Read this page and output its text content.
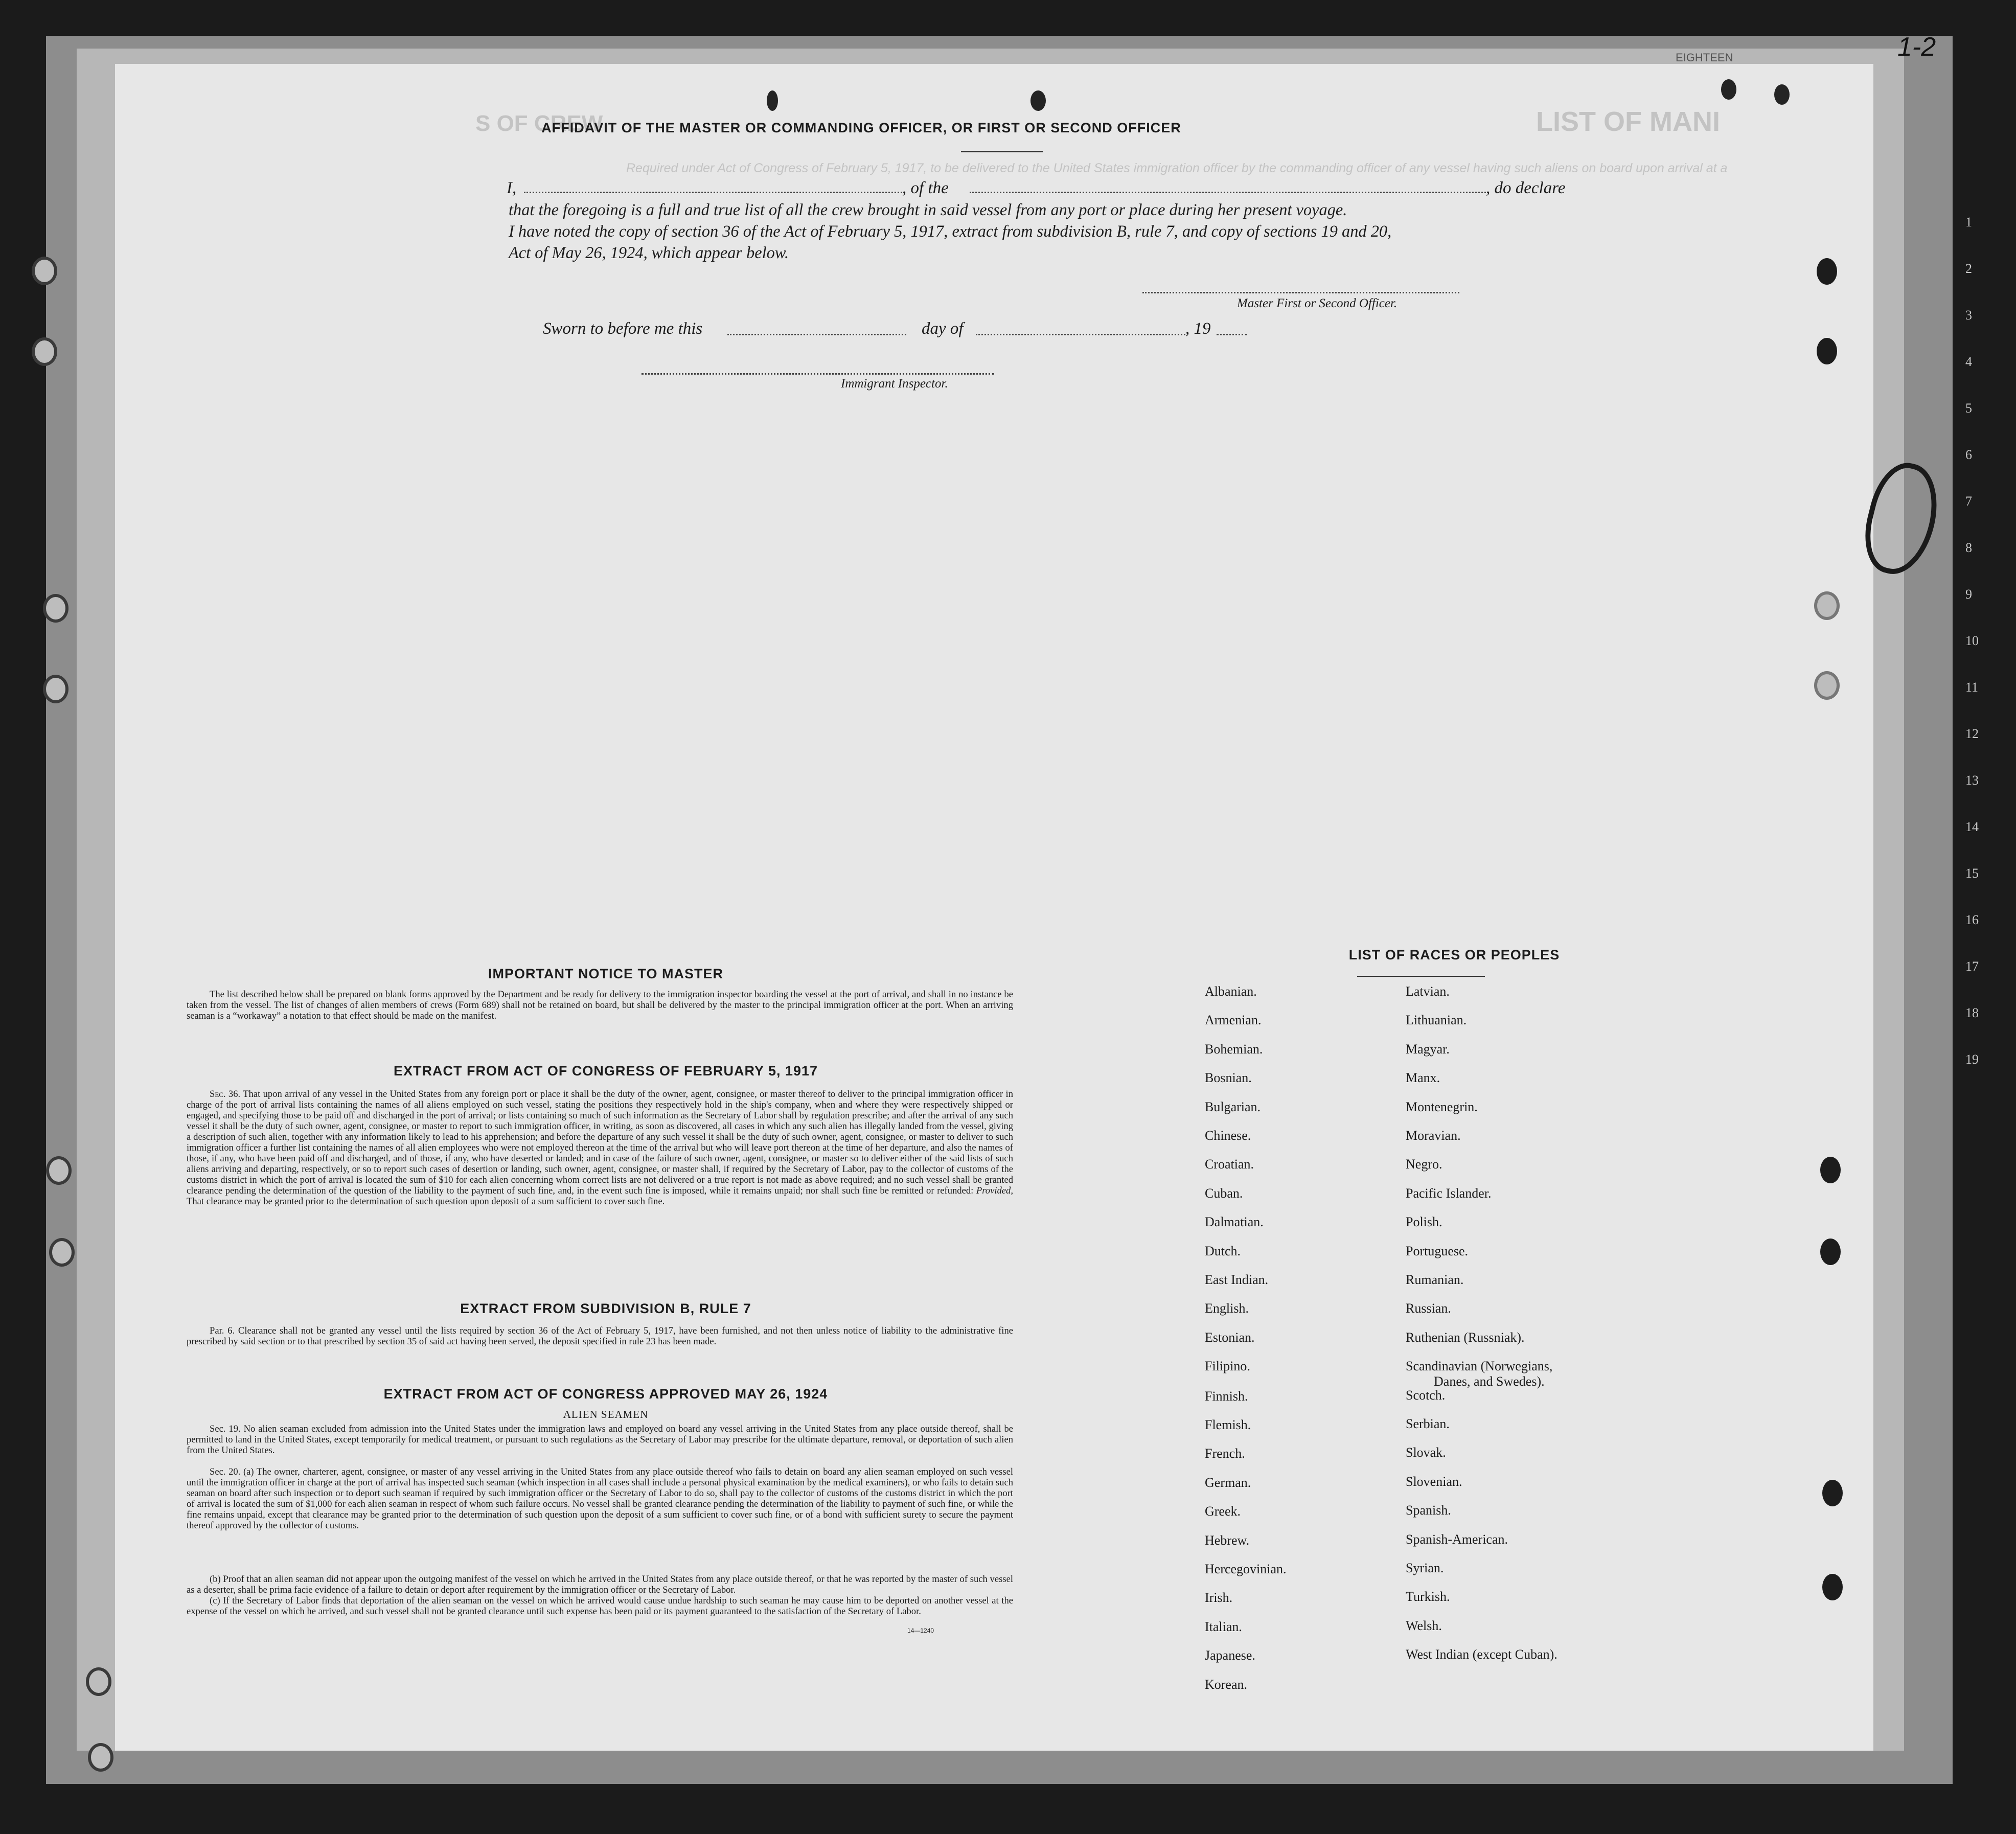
1-2
EIGHTEEN
LIST OF MANI
S OF CREW
Required under Act of Congress of February 5, 1917, to be delivered to the United States immigration officer by the commanding officer of any vessel having such aliens on board upon arrival at a
AFFIDAVIT OF THE MASTER OR COMMANDING OFFICER, OR FIRST OR SECOND OFFICER
I,	, of the	, do declare
that the foregoing is a full and true list of all the crew brought in said vessel from any port or place during her present voyage.
I have noted the copy of section 36 of the Act of February 5, 1917, extract from subdivision B, rule 7, and copy of sections 19 and 20,
Act of May 26, 1924, which appear below.
Master First or Second Officer.
Sworn to before me this	day of	, 19
Immigrant Inspector.
IMPORTANT NOTICE TO MASTER
The list described below shall be prepared on blank forms approved by the Department and be ready for delivery to the immigration inspector boarding the vessel at the port of arrival, and shall in no instance be taken from the vessel. The list of changes of alien members of crews (Form 689) shall not be retained on board, but shall be delivered by the master to the principal immigration officer at the port. When an arriving seaman is a “workaway” a notation to that effect should be made on the manifest.
EXTRACT FROM ACT OF CONGRESS OF FEBRUARY 5, 1917
Sec. 36. That upon arrival of any vessel in the United States from any foreign port or place it shall be the duty of the owner, agent, consignee, or master thereof to deliver to the principal immigration officer in charge of the port of arrival lists containing the names of all aliens employed on such vessel, stating the positions they respectively hold in the ship's company, when and where they were respectively shipped or engaged, and specifying those to be paid off and discharged in the port of arrival; or lists containing so much of such information as the Secretary of Labor shall by regulation prescribe; and after the arrival of any such vessel it shall be the duty of such owner, agent, consignee, or master to report to such immigration officer, in writing, as soon as discovered, all cases in which any such alien has illegally landed from the vessel, giving a description of such alien, together with any information likely to lead to his apprehension; and before the departure of any such vessel it shall be the duty of such owner, agent, consignee, or master to deliver to such immigration officer a further list containing the names of all alien employees who were not employed thereon at the time of the arrival but who will leave port thereon at the time of her departure, and also the names of those, if any, who have been paid off and discharged, and of those, if any, who have deserted or landed; and in case of the failure of such owner, agent, consignee, or master so to deliver either of the said lists of such aliens arriving and departing, respectively, or so to report such cases of desertion or landing, such owner, agent, consignee, or master shall, if required by the Secretary of Labor, pay to the collector of customs of the customs district in which the port of arrival is located the sum of $10 for each alien concerning whom correct lists are not delivered or a true report is not made as above required; and no such vessel shall be granted clearance pending the determination of the question of the liability to the payment of such fine, and, in the event such fine is imposed, while it remains unpaid; nor shall such fine be remitted or refunded: Provided, That clearance may be granted prior to the determination of such question upon deposit of a sum sufficient to cover such fine.
EXTRACT FROM SUBDIVISION B, RULE 7
Par. 6. Clearance shall not be granted any vessel until the lists required by section 36 of the Act of February 5, 1917, have been furnished, and not then unless notice of liability to the administrative fine prescribed by said section or to that prescribed by section 35 of said act having been served, the deposit specified in rule 23 has been made.
EXTRACT FROM ACT OF CONGRESS APPROVED MAY 26, 1924
ALIEN SEAMEN
Sec. 19. No alien seaman excluded from admission into the United States under the immigration laws and employed on board any vessel arriving in the United States from any place outside thereof, shall be permitted to land in the United States, except temporarily for medical treatment, or pursuant to such regulations as the Secretary of Labor may prescribe for the ultimate departure, removal, or deportation of such alien from the United States.
Sec. 20. (a) The owner, charterer, agent, consignee, or master of any vessel arriving in the United States from any place outside thereof who fails to detain on board any alien seaman employed on such vessel until the immigration officer in charge at the port of arrival has inspected such seaman (which inspection in all cases shall include a personal physical examination by the medical examiners), or who fails to detain such seaman on board after such inspection or to deport such seaman if required by such immigration officer or the Secretary of Labor to do so, shall pay to the collector of customs of the customs district in which the port of arrival is located the sum of $1,000 for each alien seaman in respect of whom such failure occurs. No vessel shall be granted clearance pending the determination of the liability to payment of such fine, or while the fine remains unpaid, except that clearance may be granted prior to the determination of such question upon the deposit of a sum sufficient to cover such fine, or of a bond with sufficient surety to secure the payment thereof approved by the collector of customs.
(b) Proof that an alien seaman did not appear upon the outgoing manifest of the vessel on which he arrived in the United States from any place outside thereof, or that he was reported by the master of such vessel as a deserter, shall be prima facie evidence of a failure to detain or deport after requirement by the immigration officer or the Secretary of Labor.
(c) If the Secretary of Labor finds that deportation of the alien seaman on the vessel on which he arrived would cause undue hardship to such seaman he may cause him to be deported on another vessel at the expense of the vessel on which he arrived, and such vessel shall not be granted clearance until such expense has been paid or its payment guaranteed to the satisfaction of the Secretary of Labor.
14—1240
LIST OF RACES OR PEOPLES
Albanian.
Armenian.
Bohemian.
Bosnian.
Bulgarian.
Chinese.
Croatian.
Cuban.
Dalmatian.
Dutch.
East Indian.
English.
Estonian.
Filipino.
Finnish.
Flemish.
French.
German.
Greek.
Hebrew.
Hercegovinian.
Irish.
Italian.
Japanese.
Korean.
Latvian.
Lithuanian.
Magyar.
Manx.
Montenegrin.
Moravian.
Negro.
Pacific Islander.
Polish.
Portuguese.
Rumanian.
Russian.
Ruthenian (Russniak).
Scandinavian (Norwegians,
Danes, and Swedes).
Scotch.
Serbian.
Slovak.
Slovenian.
Spanish.
Spanish-American.
Syrian.
Turkish.
Welsh.
West Indian (except Cuban).
1
2
3
4
5
6
7
8
9
10
11
12
13
14
15
16
17
18
19
